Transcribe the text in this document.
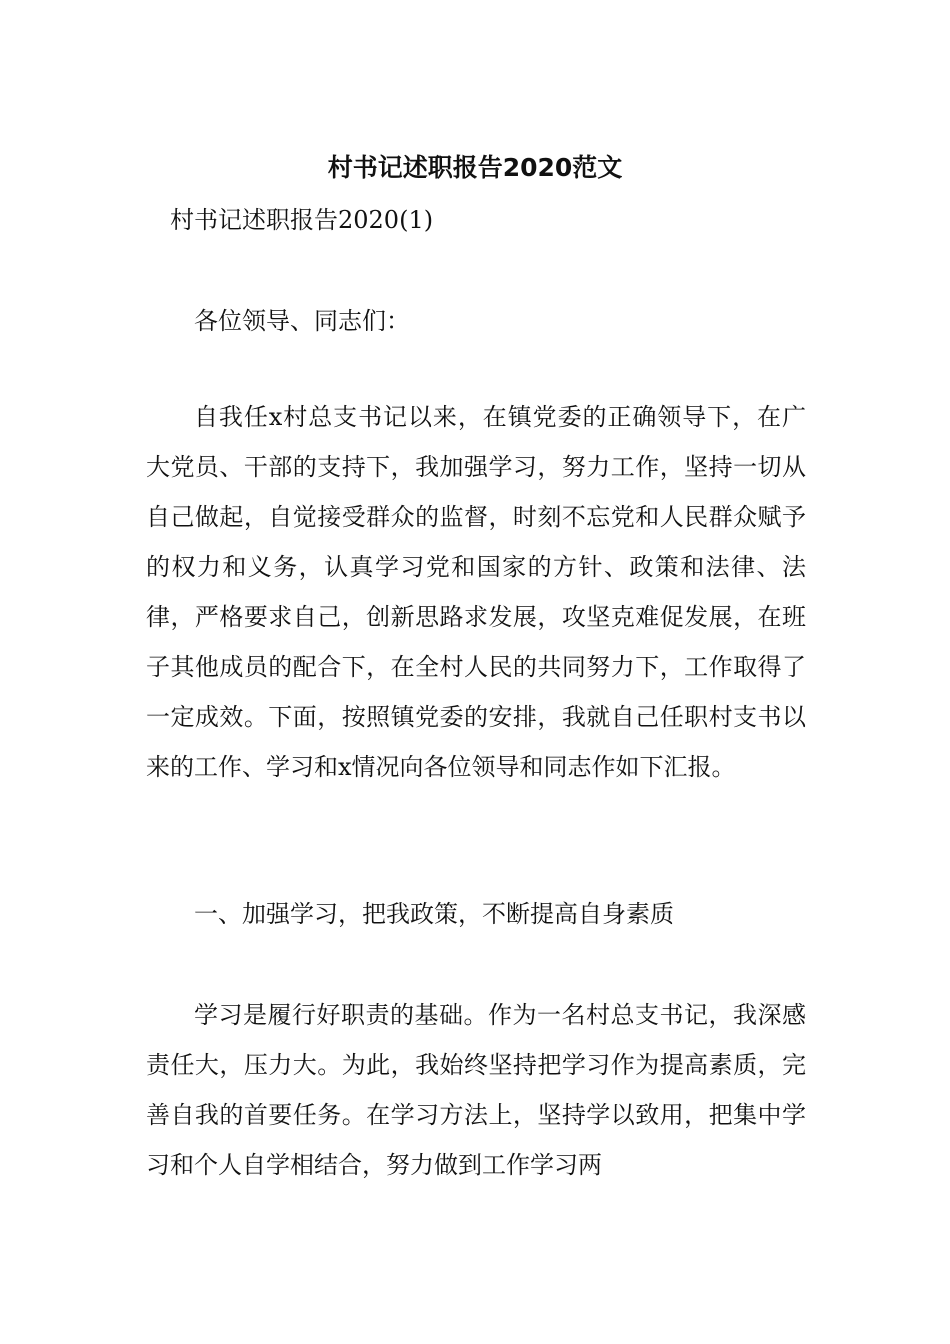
村书记述职报告2020范文

村书记述职报告2020(1)

各位领导、同志们：

自我任x村总支书记以来，在镇党委的正确领导下，在广大党员、干部的支持下，我加强学习，努力工作，坚持一切从自己做起，自觉接受群众的监督，时刻不忘党和人民群众赋予的权力和义务，认真学习党和国家的方针、政策和法律、法律，严格要求自己，创新思路求发展，攻坚克难促发展，在班子其他成员的配合下，在全村人民的共同努力下，工作取得了一定成效。下面，按照镇党委的安排，我就自己任职村支书以来的工作、学习和x情况向各位领导和同志作如下汇报。

一、加强学习，把我政策，不断提高自身素质

学习是履行好职责的基础。作为一名村总支书记，我深感责任大，压力大。为此，我始终坚持把学习作为提高素质，完善自我的首要任务。在学习方法上，坚持学以致用，把集中学习和个人自学相结合，努力做到工作学习两
